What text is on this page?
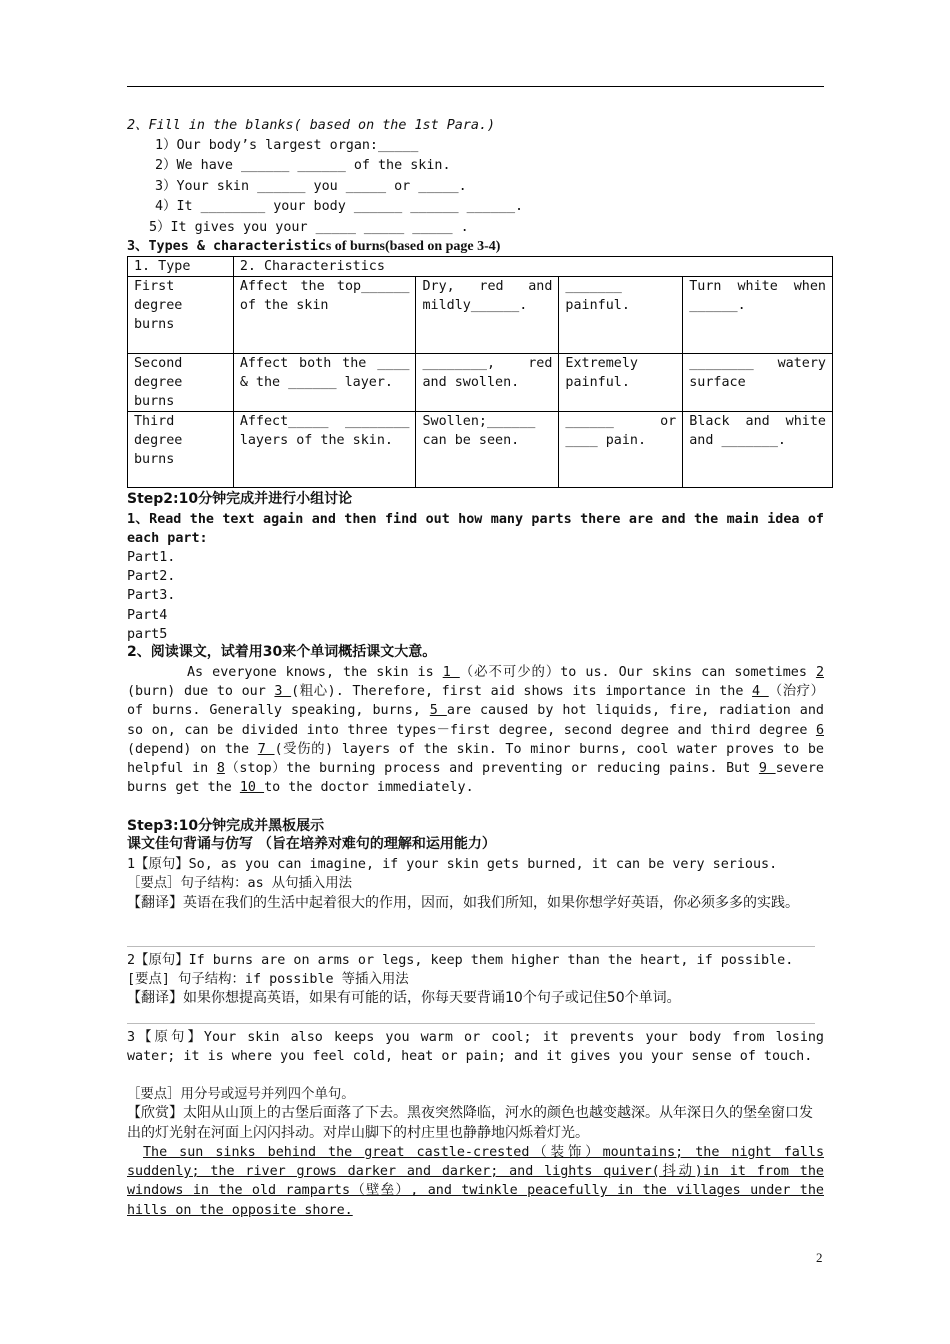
2、Fill in the blanks( based on the 1st Para.)
1）Our body’s largest organ:_____
2）We have ______ ______ of the skin.
3）Your skin ______ you _____ or _____.
4）It ________ your body ______ ______ ______.
5）It gives you your _____ _____ _____ .
3、Types & characteristics of burns(based on page 3-4)
1. Type	2. Characteristics			
First degree burns	Affect the top______ of the skin	Dry, red and mildly______.	_______ painful.	Turn white when ______.
Second degree burns	Affect both the ____ & the ______ layer.	________, red and swollen.	Extremely painful.	________ watery surface
Third degree burns	Affect_____ ________ layers of the skin.	Swollen;______ can be seen.	______ or ____ pain.	Black and white and _______.
Step2:10分钟完成并进行小组讨论
1、Read the text again and then find out how many parts there are and the main idea of each part:
Part1.
Part2.
Part3.
Part4
part5
2、阅读课文，试着用30来个单词概括课文大意。
As everyone knows, the skin is 1 （必不可少的）to us. Our skins can sometimes 2 (burn) due to our 3 (粗心). Therefore, first aid shows its importance in the 4 （治疗） of burns. Generally speaking, burns, 5 are caused by hot liquids, fire, radiation and so on, can be divided into three types－first degree, second degree and third degree 6 (depend) on the 7 (受伤的) layers of the skin. To minor burns, cool water proves to be helpful in 8（stop）the burning process and preventing or reducing pains. But 9 severe burns get the 10 to the doctor immediately.
Step3:10分钟完成并黑板展示
课文佳句背诵与仿写 （旨在培养对难句的理解和运用能力）
1【原句】So, as you can imagine, if your skin gets burned, it can be very serious.
［要点］句子结构：as 从句插入用法
【翻译】英语在我们的生活中起着很大的作用，因而，如我们所知，如果你想学好英语，你必须多多的实践。
2【原句】If burns are on arms or legs, keep them higher than the heart, if possible.
[要点] 句子结构：if possible 等插入用法
【翻译】如果你想提高英语，如果有可能的话，你每天要背诵10个句子或记住50个单词。
3【原句】Your skin also keeps you warm or cool; it prevents your body from losing water; it is where you feel cold, heat or pain; and it gives you your sense of touch.
［要点］用分号或逗号并列四个单句。
【欣赏】太阳从山顶上的古堡后面落了下去。黑夜突然降临，河水的颜色也越变越深。从年深日久的堡垒窗口发出的灯光射在河面上闪闪抖动。对岸山脚下的村庄里也静静地闪烁着灯光。
The sun sinks behind the great castle-crested（装饰）mountains; the night falls suddenly; the river grows darker and darker; and lights quiver(抖动)in it from the windows in the old ramparts（壁垒）, and twinkle peacefully in the villages under the hills on the opposite shore.
2
